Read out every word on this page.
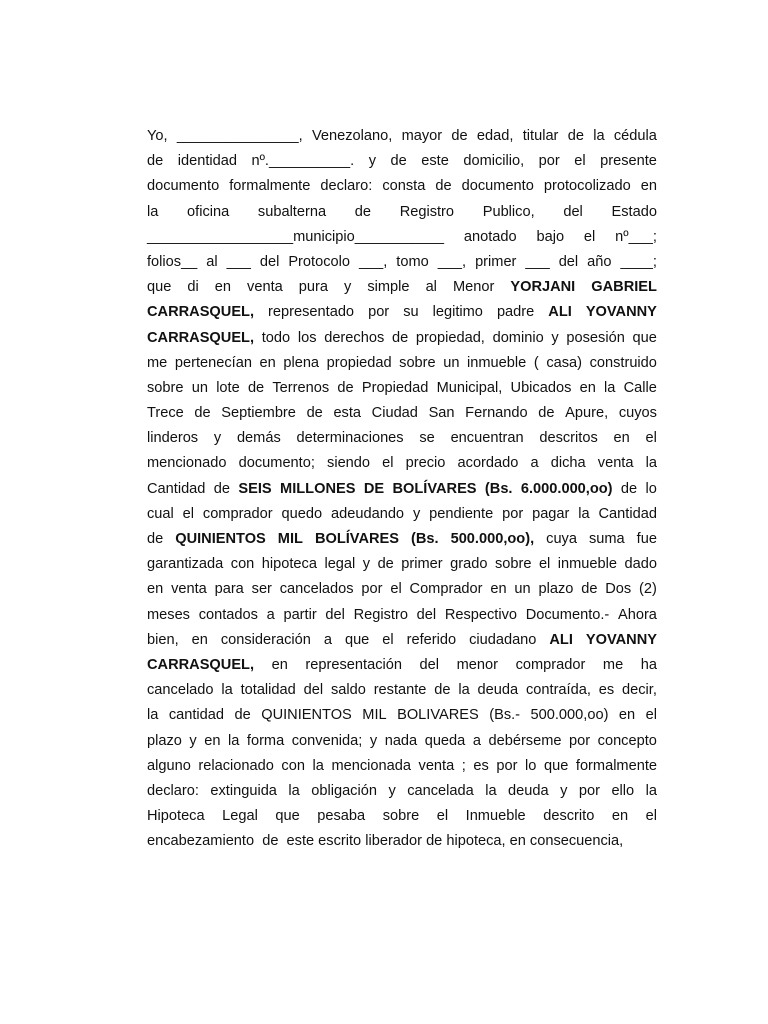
Yo, _______________, Venezolano, mayor de edad, titular de la cédula
de identidad nº.__________. y de este domicilio, por el presente
documento formalmente declaro: consta de documento protocolizado en
la oficina subalterna de Registro Publico, del Estado
__________________municipio___________ anotado bajo el nº___;
folios__ al ___ del Protocolo ___, tomo ___, primer ___ del año ____;
que di en venta pura y simple al Menor YORJANI GABRIEL
CARRASQUEL, representado por su legitimo padre ALI YOVANNY
CARRASQUEL, todo los derechos de propiedad, dominio y posesión que
me pertenecían en plena propiedad sobre un inmueble ( casa) construido
sobre un lote de Terrenos de Propiedad Municipal, Ubicados en la Calle
Trece de Septiembre de esta Ciudad San Fernando de Apure, cuyos
linderos y demás determinaciones se encuentran descritos en el
mencionado documento; siendo el precio acordado a dicha venta la
Cantidad de SEIS MILLONES DE BOLÍVARES (Bs. 6.000.000,oo) de lo
cual el comprador quedo adeudando y pendiente por pagar la Cantidad
de QUINIENTOS MIL BOLÍVARES (Bs. 500.000,oo), cuya suma fue
garantizada con hipoteca legal y de primer grado sobre el inmueble dado
en venta para ser cancelados por el Comprador en un plazo de Dos (2)
meses contados a partir del Registro del Respectivo Documento.- Ahora
bien, en consideración a que el referido ciudadano ALI YOVANNY
CARRASQUEL, en representación del menor comprador me ha
cancelado la totalidad del saldo restante de la deuda contraída, es decir,
la cantidad de QUINIENTOS MIL BOLIVARES (Bs.- 500.000,oo) en el
plazo y en la forma convenida; y nada queda a debérseme por concepto
alguno relacionado con la mencionada venta ; es por lo que formalmente
declaro: extinguida la obligación y cancelada la deuda y por ello la
Hipoteca Legal que pesaba sobre el Inmueble descrito en el
encabezamiento  de  este escrito liberador de hipoteca, en consecuencia,
